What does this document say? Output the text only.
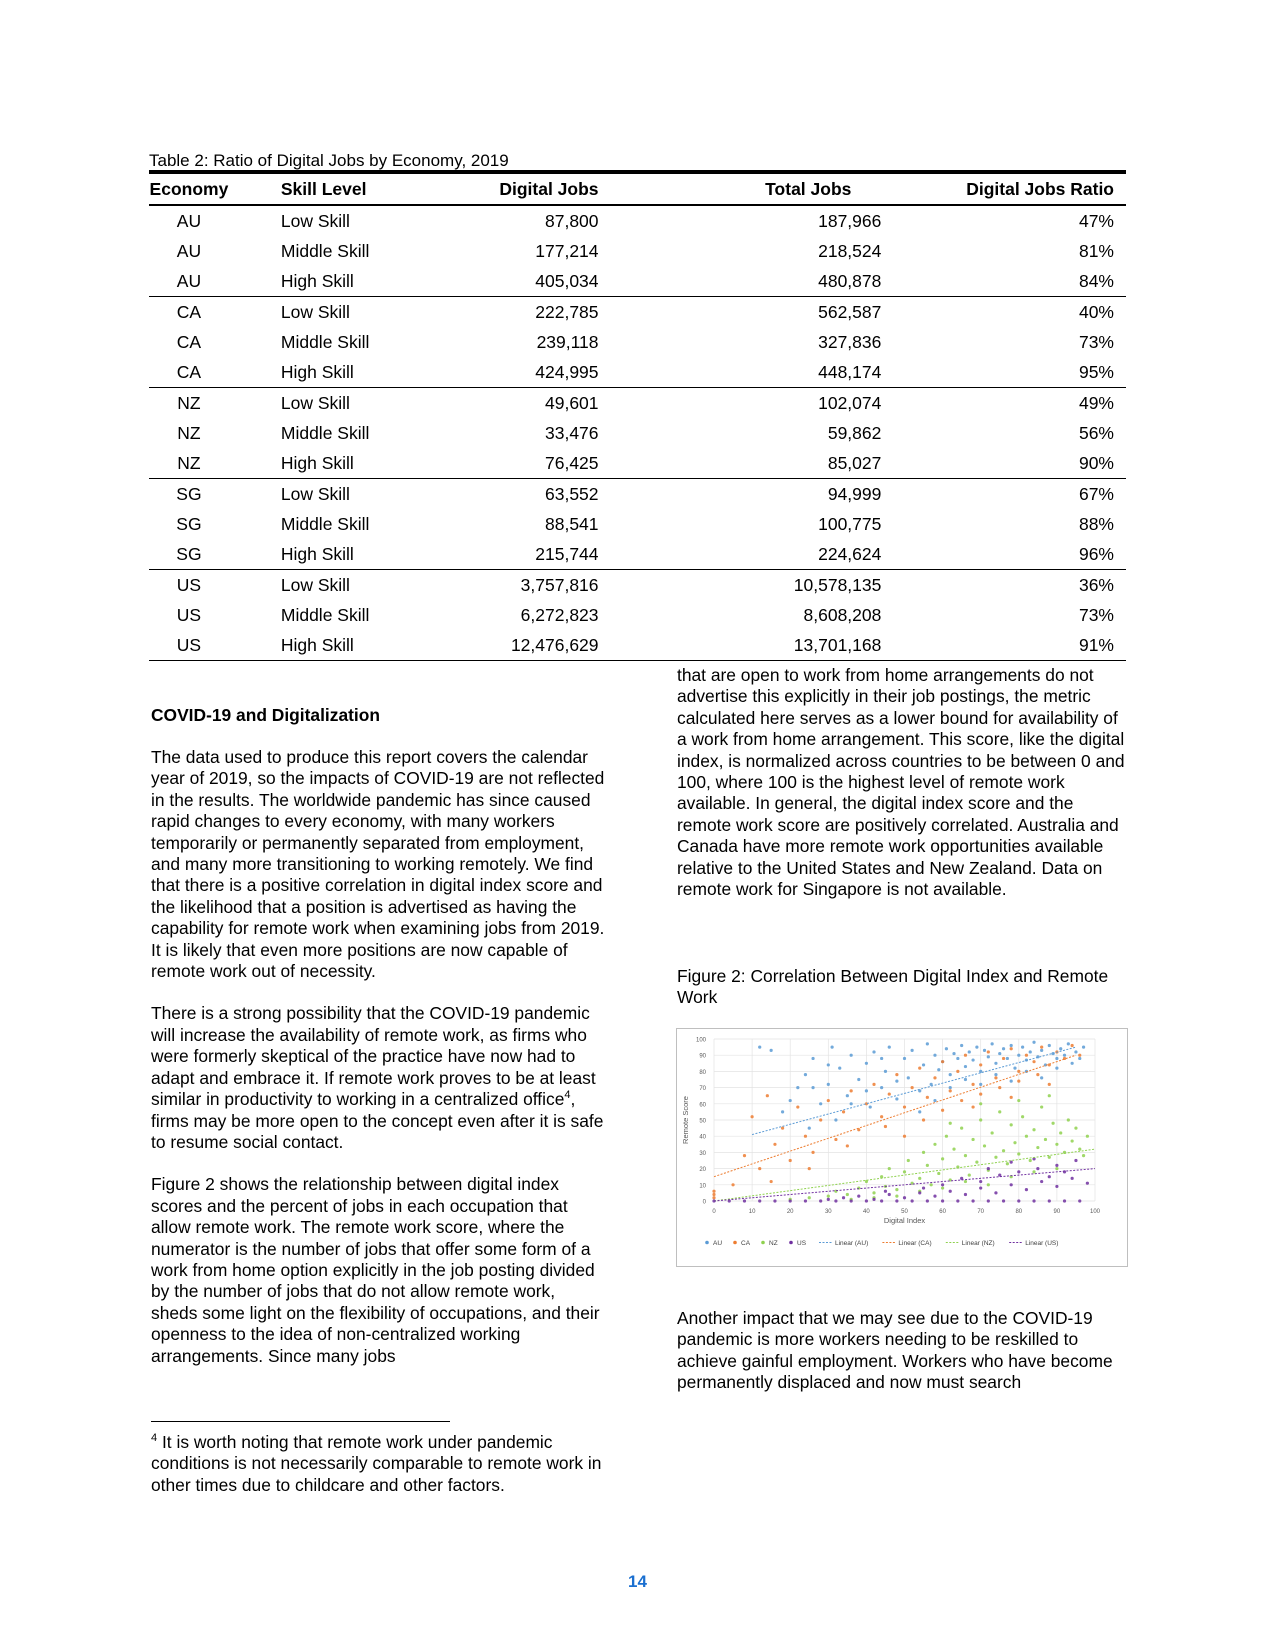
Table 2: Ratio of Digital Jobs by Economy, 2019
Economy	Skill Level	Digital Jobs	Total Jobs	Digital Jobs Ratio
AU	Low Skill	87,800	187,966	47%
AU	Middle Skill	177,214	218,524	81%
AU	High Skill	405,034	480,878	84%
CA	Low Skill	222,785	562,587	40%
CA	Middle Skill	239,118	327,836	73%
CA	High Skill	424,995	448,174	95%
NZ	Low Skill	49,601	102,074	49%
NZ	Middle Skill	33,476	59,862	56%
NZ	High Skill	76,425	85,027	90%
SG	Low Skill	63,552	94,999	67%
SG	Middle Skill	88,541	100,775	88%
SG	High Skill	215,744	224,624	96%
US	Low Skill	3,757,816	10,578,135	36%
US	Middle Skill	6,272,823	8,608,208	73%
US	High Skill	12,476,629	13,701,168	91%
COVID-19 and Digitalization

The data used to produce this report covers the calendar year of 2019, so the impacts of COVID-19 are not reflected in the results. The worldwide pandemic has since caused rapid changes to every economy, with many workers temporarily or permanently separated from employment, and many more transitioning to working remotely. We find that there is a positive correlation in digital index score and the likelihood that a position is advertised as having the capability for remote work when examining jobs from 2019. It is likely that even more positions are now capable of remote work out of necessity.

There is a strong possibility that the COVID-19 pandemic will increase the availability of remote work, as firms who were formerly skeptical of the practice have now had to adapt and embrace it. If remote work proves to be at least similar in productivity to working in a centralized office$^4$, firms may be more open to the concept even after it is safe to resume social contact.

Figure 2 shows the relationship between digital index scores and the percent of jobs in each occupation that allow remote work. The remote work score, where the numerator is the number of jobs that offer some form of a work from home option explicitly in the job posting divided by the number of jobs that do not allow remote work, sheds some light on the flexibility of occupations, and their openness to the idea of non-centralized working arrangements. Since many jobs

that are open to work from home arrangements do not advertise this explicitly in their job postings, the metric calculated here serves as a lower bound for availability of a work from home arrangement. This score, like the digital index, is normalized across countries to be between 0 and 100, where 100 is the highest level of remote work available. In general, the digital index score and the remote work score are positively correlated. Australia and Canada have more remote work opportunities available relative to the United States and New Zealand. Data on remote work for Singapore is not available.

Figure 2: Correlation Between Digital Index and Remote Work
0
10
20
30
40
50
60
70
80
90
100
0	10	20	30	40	50	60	70	80	90	100
Digital Index
Remote Score
AU	CA	NZ	US	Linear (AU)	Linear (CA)	Linear (NZ)	Linear (US)
Another impact that we may see due to the COVID-19 pandemic is more workers needing to be reskilled to achieve gainful employment. Workers who have become permanently displaced and now must search
$^4$ It is worth noting that remote work under pandemic conditions is not necessarily comparable to remote work in other times due to childcare and other factors.
14
